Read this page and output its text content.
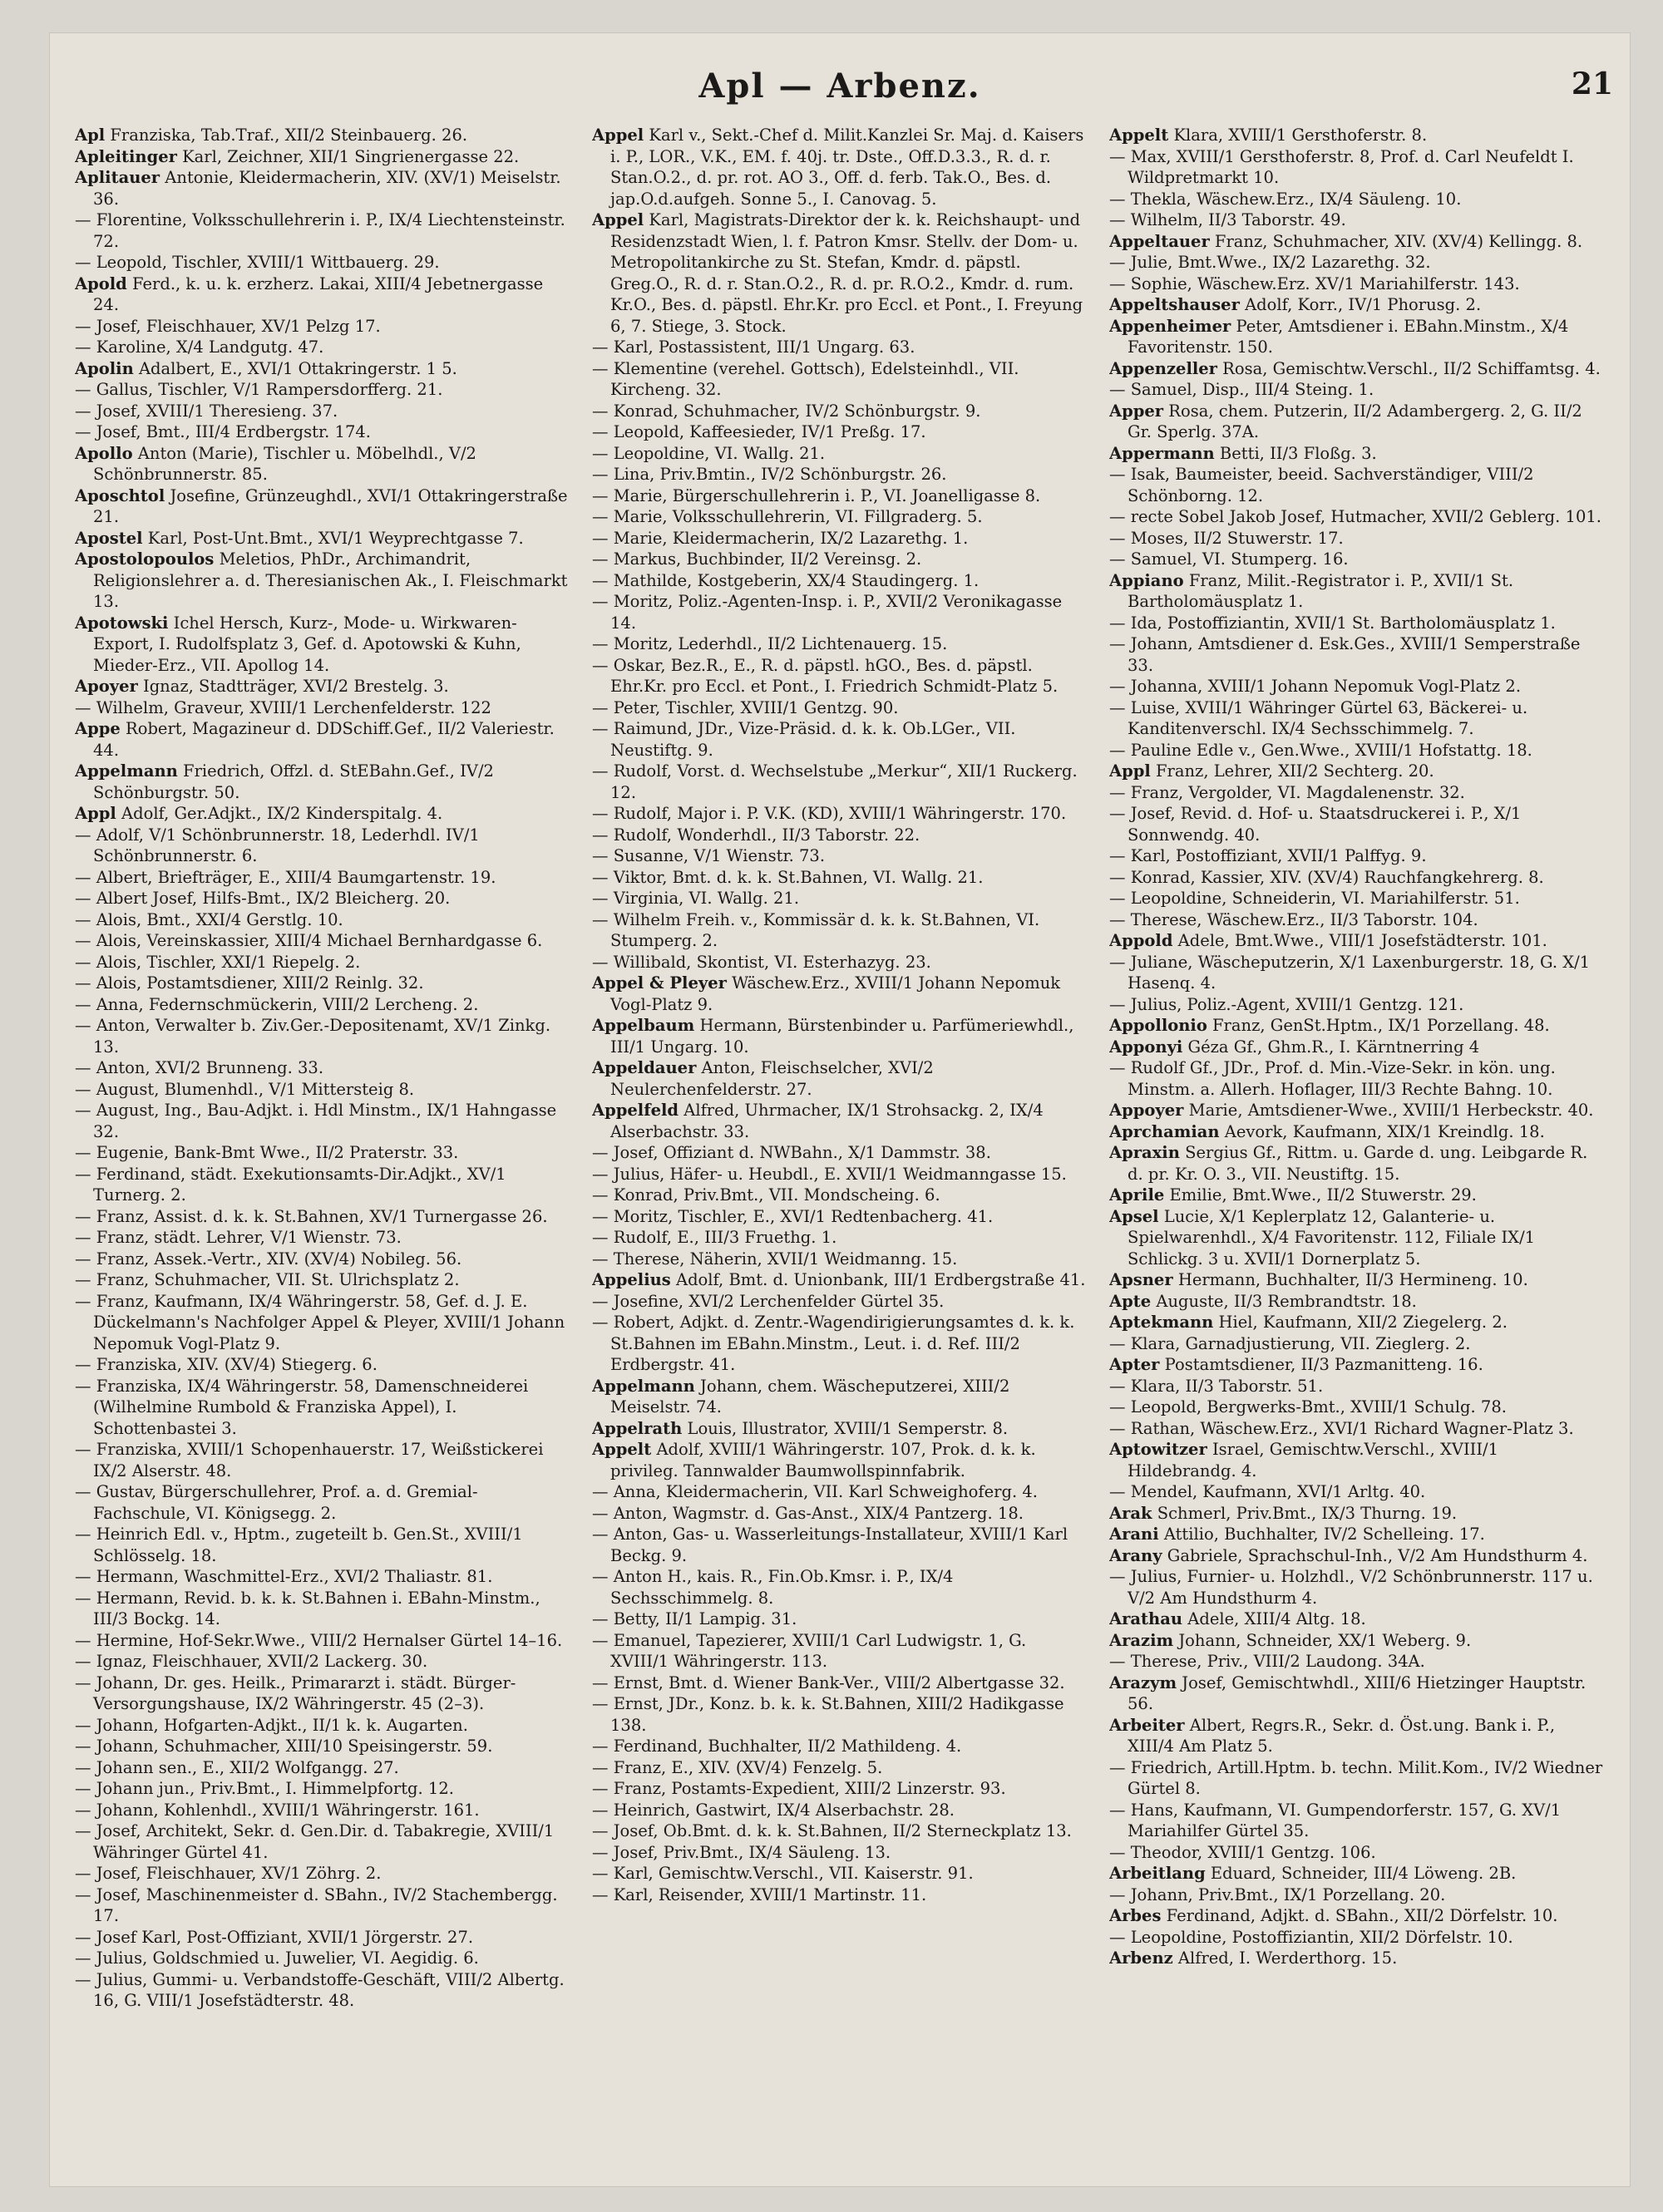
Apl — Arbenz.	21

Apl Franziska, Tab.Traf., XII/2 Steinbauerg. 26.

Apleitinger Karl, Zeichner, XII/1 Singrienergasse 22.

Aplitauer Antonie, Kleidermacherin, XIV. (XV/1) Meiselstr. 36.

— Florentine, Volksschullehrerin i. P., IX/4 Liechtensteinstr. 72.

— Leopold, Tischler, XVIII/1 Wittbauerg. 29.

Apold Ferd., k. u. k. erzherz. Lakai, XIII/4 Jebetnergasse 24.

— Josef, Fleischhauer, XV/1 Pelzg 17.

— Karoline, X/4 Landgutg. 47.

Apolin Adalbert, E., XVI/1 Ottakringerstr. 1 5.

— Gallus, Tischler, V/1 Rampersdorfferg. 21.

— Josef, XVIII/1 Theresieng. 37.

— Josef, Bmt., III/4 Erdbergstr. 174.

Apollo Anton (Marie), Tischler u. Möbelhdl., V/2 Schönbrunnerstr. 85.

Aposchtol Josefine, Grünzeughdl., XVI/1 Ottakringerstraße 21.

Apostel Karl, Post-Unt.Bmt., XVI/1 Weyprechtgasse 7.

Apostolopoulos Meletios, PhDr., Archimandrit, Religionslehrer a. d. Theresianischen Ak., I. Fleischmarkt 13.

Apotowski Ichel Hersch, Kurz-, Mode- u. Wirkwaren-Export, I. Rudolfsplatz 3, Gef. d. Apotowski & Kuhn, Mieder-Erz., VII. Apollog 14.

Apoyer Ignaz, Stadtträger, XVI/2 Brestelg. 3.

— Wilhelm, Graveur, XVIII/1 Lerchenfelderstr. 122

Appe Robert, Magazineur d. DDSchiff.Gef., II/2 Valeriestr. 44.

Appelmann Friedrich, Offzl. d. StEBahn.Gef., IV/2 Schönburgstr. 50.

Appl Adolf, Ger.Adjkt., IX/2 Kinderspitalg. 4.

— Adolf, V/1 Schönbrunnerstr. 18, Lederhdl. IV/1 Schönbrunnerstr. 6.

— Albert, Briefträger, E., XIII/4 Baumgartenstr. 19.

— Albert Josef, Hilfs-Bmt., IX/2 Bleicherg. 20.

— Alois, Bmt., XXI/4 Gerstlg. 10.

— Alois, Vereinskassier, XIII/4 Michael Bernhardgasse 6.

— Alois, Tischler, XXI/1 Riepelg. 2.

— Alois, Postamtsdiener, XIII/2 Reinlg. 32.

— Anna, Federnschmückerin, VIII/2 Lercheng. 2.

— Anton, Verwalter b. Ziv.Ger.-Depositenamt, XV/1 Zinkg. 13.

— Anton, XVI/2 Brunneng. 33.

— August, Blumenhdl., V/1 Mittersteig 8.

— August, Ing., Bau-Adjkt. i. Hdl Minstm., IX/1 Hahngasse 32.

— Eugenie, Bank-Bmt Wwe., II/2 Praterstr. 33.

— Ferdinand, städt. Exekutionsamts-Dir.Adjkt., XV/1 Turnerg. 2.

— Franz, Assist. d. k. k. St.Bahnen, XV/1 Turnergasse 26.

— Franz, städt. Lehrer, V/1 Wienstr. 73.

— Franz, Assek.-Vertr., XIV. (XV/4) Nobileg. 56.

— Franz, Schuhmacher, VII. St. Ulrichsplatz 2.

— Franz, Kaufmann, IX/4 Währingerstr. 58, Gef. d. J. E. Dückelmann's Nachfolger Appel & Pleyer, XVIII/1 Johann Nepomuk Vogl-Platz 9.

— Franziska, XIV. (XV/4) Stiegerg. 6.

— Franziska, IX/4 Währingerstr. 58, Damenschneiderei (Wilhelmine Rumbold & Franziska Appel), I. Schottenbastei 3.

— Franziska, XVIII/1 Schopenhauerstr. 17, Weißstickerei IX/2 Alserstr. 48.

— Gustav, Bürgerschullehrer, Prof. a. d. Gremial-Fachschule, VI. Königsegg. 2.

— Heinrich Edl. v., Hptm., zugeteilt b. Gen.St., XVIII/1 Schlösselg. 18.

— Hermann, Waschmittel-Erz., XVI/2 Thaliastr. 81.

— Hermann, Revid. b. k. k. St.Bahnen i. EBahn-Minstm., III/3 Bockg. 14.

— Hermine, Hof-Sekr.Wwe., VIII/2 Hernalser Gürtel 14–16.

— Ignaz, Fleischhauer, XVII/2 Lackerg. 30.

— Johann, Dr. ges. Heilk., Primararzt i. städt. Bürger-Versorgungshause, IX/2 Währingerstr. 45 (2–3).

— Johann, Hofgarten-Adjkt., II/1 k. k. Augarten.

— Johann, Schuhmacher, XIII/10 Speisingerstr. 59.

— Johann sen., E., XII/2 Wolfgangg. 27.

— Johann jun., Priv.Bmt., I. Himmelpfortg. 12.

— Johann, Kohlenhdl., XVIII/1 Währingerstr. 161.

— Josef, Architekt, Sekr. d. Gen.Dir. d. Tabakregie, XVIII/1 Währinger Gürtel 41.

— Josef, Fleischhauer, XV/1 Zöhrg. 2.

— Josef, Maschinenmeister d. SBahn., IV/2 Stachembergg. 17.

— Josef Karl, Post-Offiziant, XVII/1 Jörgerstr. 27.

— Julius, Goldschmied u. Juwelier, VI. Aegidig. 6.

— Julius, Gummi- u. Verbandstoffe-Geschäft, VIII/2 Albertg. 16, G. VIII/1 Josefstädterstr. 48.

Appel Karl v., Sekt.-Chef d. Milit.Kanzlei Sr. Maj. d. Kaisers i. P., LOR., V.K., EM. f. 40j. tr. Dste., Off.D.3.3., R. d. r. Stan.O.2., d. pr. rot. AO 3., Off. d. ferb. Tak.O., Bes. d. jap.O.d.aufgeh. Sonne 5., I. Canovag. 5.

Appel Karl, Magistrats-Direktor der k. k. Reichshaupt- und Residenzstadt Wien, l. f. Patron Kmsr. Stellv. der Dom- u. Metropolitankirche zu St. Stefan, Kmdr. d. päpstl. Greg.O., R. d. r. Stan.O.2., R. d. pr. R.O.2., Kmdr. d. rum. Kr.O., Bes. d. päpstl. Ehr.Kr. pro Eccl. et Pont., I. Freyung 6, 7. Stiege, 3. Stock.

— Karl, Postassistent, III/1 Ungarg. 63.

— Klementine (verehel. Gottsch), Edelsteinhdl., VII. Kircheng. 32.

— Konrad, Schuhmacher, IV/2 Schönburgstr. 9.

— Leopold, Kaffeesieder, IV/1 Preßg. 17.

— Leopoldine, VI. Wallg. 21.

— Lina, Priv.Bmtin., IV/2 Schönburgstr. 26.

— Marie, Bürgerschullehrerin i. P., VI. Joanelligasse 8.

— Marie, Volksschullehrerin, VI. Fillgraderg. 5.

— Marie, Kleidermacherin, IX/2 Lazarethg. 1.

— Markus, Buchbinder, II/2 Vereinsg. 2.

— Mathilde, Kostgeberin, XX/4 Staudingerg. 1.

— Moritz, Poliz.-Agenten-Insp. i. P., XVII/2 Veronikagasse 14.

— Moritz, Lederhdl., II/2 Lichtenauerg. 15.

— Oskar, Bez.R., E., R. d. päpstl. hGO., Bes. d. päpstl. Ehr.Kr. pro Eccl. et Pont., I. Friedrich Schmidt-Platz 5.

— Peter, Tischler, XVIII/1 Gentzg. 90.

— Raimund, JDr., Vize-Präsid. d. k. k. Ob.LGer., VII. Neustiftg. 9.

— Rudolf, Vorst. d. Wechselstube „Merkur“, XII/1 Ruckerg. 12.

— Rudolf, Major i. P. V.K. (KD), XVIII/1 Währingerstr. 170.

— Rudolf, Wonderhdl., II/3 Taborstr. 22.

— Susanne, V/1 Wienstr. 73.

— Viktor, Bmt. d. k. k. St.Bahnen, VI. Wallg. 21.

— Virginia, VI. Wallg. 21.

— Wilhelm Freih. v., Kommissär d. k. k. St.Bahnen, VI. Stumperg. 2.

— Willibald, Skontist, VI. Esterhazyg. 23.

Appel & Pleyer Wäschew.Erz., XVIII/1 Johann Nepomuk Vogl-Platz 9.

Appelbaum Hermann, Bürstenbinder u. Parfümeriewhdl., III/1 Ungarg. 10.

Appeldauer Anton, Fleischselcher, XVI/2 Neulerchenfelderstr. 27.

Appelfeld Alfred, Uhrmacher, IX/1 Strohsackg. 2, IX/4 Alserbachstr. 33.

— Josef, Offiziant d. NWBahn., X/1 Dammstr. 38.

— Julius, Häfer- u. Heubdl., E. XVII/1 Weidmanngasse 15.

— Konrad, Priv.Bmt., VII. Mondscheing. 6.

— Moritz, Tischler, E., XVI/1 Redtenbacherg. 41.

— Rudolf, E., III/3 Fruethg. 1.

— Therese, Näherin, XVII/1 Weidmanng. 15.

Appelius Adolf, Bmt. d. Unionbank, III/1 Erdbergstraße 41.

— Josefine, XVI/2 Lerchenfelder Gürtel 35.

— Robert, Adjkt. d. Zentr.-Wagendirigierungsamtes d. k. k. St.Bahnen im EBahn.Minstm., Leut. i. d. Ref. III/2 Erdbergstr. 41.

Appelmann Johann, chem. Wäscheputzerei, XIII/2 Meiselstr. 74.

Appelrath Louis, Illustrator, XVIII/1 Semperstr. 8.

Appelt Adolf, XVIII/1 Währingerstr. 107, Prok. d. k. k. privileg. Tannwalder Baumwollspinnfabrik.

— Anna, Kleidermacherin, VII. Karl Schweighoferg. 4.

— Anton, Wagmstr. d. Gas-Anst., XIX/4 Pantzerg. 18.

— Anton, Gas- u. Wasserleitungs-Installateur, XVIII/1 Karl Beckg. 9.

— Anton H., kais. R., Fin.Ob.Kmsr. i. P., IX/4 Sechsschimmelg. 8.

— Betty, II/1 Lampig. 31.

— Emanuel, Tapezierer, XVIII/1 Carl Ludwigstr. 1, G. XVIII/1 Währingerstr. 113.

— Ernst, Bmt. d. Wiener Bank-Ver., VIII/2 Albertgasse 32.

— Ernst, JDr., Konz. b. k. k. St.Bahnen, XIII/2 Hadikgasse 138.

— Ferdinand, Buchhalter, II/2 Mathildeng. 4.

— Franz, E., XIV. (XV/4) Fenzelg. 5.

— Franz, Postamts-Expedient, XIII/2 Linzerstr. 93.

— Heinrich, Gastwirt, IX/4 Alserbachstr. 28.

— Josef, Ob.Bmt. d. k. k. St.Bahnen, II/2 Sterneckplatz 13.

— Josef, Priv.Bmt., IX/4 Säuleng. 13.

— Karl, Gemischtw.Verschl., VII. Kaiserstr. 91.

— Karl, Reisender, XVIII/1 Martinstr. 11.

Appelt Klara, XVIII/1 Gersthoferstr. 8.

— Max, XVIII/1 Gersthoferstr. 8, Prof. d. Carl Neufeldt I. Wildpretmarkt 10.

— Thekla, Wäschew.Erz., IX/4 Säuleng. 10.

— Wilhelm, II/3 Taborstr. 49.

Appeltauer Franz, Schuhmacher, XIV. (XV/4) Kellingg. 8.

— Julie, Bmt.Wwe., IX/2 Lazarethg. 32.

— Sophie, Wäschew.Erz. XV/1 Mariahilferstr. 143.

Appeltshauser Adolf, Korr., IV/1 Phorusg. 2.

Appenheimer Peter, Amtsdiener i. EBahn.Minstm., X/4 Favoritenstr. 150.

Appenzeller Rosa, Gemischtw.Verschl., II/2 Schiffamtsg. 4.

— Samuel, Disp., III/4 Steing. 1.

Apper Rosa, chem. Putzerin, II/2 Adambergerg. 2, G. II/2 Gr. Sperlg. 37A.

Appermann Betti, II/3 Floßg. 3.

— Isak, Baumeister, beeid. Sachverständiger, VIII/2 Schönborng. 12.

— recte Sobel Jakob Josef, Hutmacher, XVII/2 Geblerg. 101.

— Moses, II/2 Stuwerstr. 17.

— Samuel, VI. Stumperg. 16.

Appiano Franz, Milit.-Registrator i. P., XVII/1 St. Bartholomäusplatz 1.

— Ida, Postoffiziantin, XVII/1 St. Bartholomäusplatz 1.

— Johann, Amtsdiener d. Esk.Ges., XVIII/1 Semperstraße 33.

— Johanna, XVIII/1 Johann Nepomuk Vogl-Platz 2.

— Luise, XVIII/1 Währinger Gürtel 63, Bäckerei- u. Kanditenverschl. IX/4 Sechsschimmelg. 7.

— Pauline Edle v., Gen.Wwe., XVIII/1 Hofstattg. 18.

Appl Franz, Lehrer, XII/2 Sechterg. 20.

— Franz, Vergolder, VI. Magdalenenstr. 32.

— Josef, Revid. d. Hof- u. Staatsdruckerei i. P., X/1 Sonnwendg. 40.

— Karl, Postoffiziant, XVII/1 Palffyg. 9.

— Konrad, Kassier, XIV. (XV/4) Rauchfangkehrerg. 8.

— Leopoldine, Schneiderin, VI. Mariahilferstr. 51.

— Therese, Wäschew.Erz., II/3 Taborstr. 104.

Appold Adele, Bmt.Wwe., VIII/1 Josefstädterstr. 101.

— Juliane, Wäscheputzerin, X/1 Laxenburgerstr. 18, G. X/1 Hasenq. 4.

— Julius, Poliz.-Agent, XVIII/1 Gentzg. 121.

Appollonio Franz, GenSt.Hptm., IX/1 Porzellang. 48.

Apponyi Géza Gf., Ghm.R., I. Kärntnerring 4

— Rudolf Gf., JDr., Prof. d. Min.-Vize-Sekr. in kön. ung. Minstm. a. Allerh. Hoflager, III/3 Rechte Bahng. 10.

Appoyer Marie, Amtsdiener-Wwe., XVIII/1 Herbeckstr. 40.

Aprchamian Aevork, Kaufmann, XIX/1 Kreindlg. 18.

Apraxin Sergius Gf., Rittm. u. Garde d. ung. Leibgarde R. d. pr. Kr. O. 3., VII. Neustiftg. 15.

Aprile Emilie, Bmt.Wwe., II/2 Stuwerstr. 29.

Apsel Lucie, X/1 Keplerplatz 12, Galanterie- u. Spielwarenhdl., X/4 Favoritenstr. 112, Filiale IX/1 Schlickg. 3 u. XVII/1 Dornerplatz 5.

Apsner Hermann, Buchhalter, II/3 Hermineng. 10.

Apte Auguste, II/3 Rembrandtstr. 18.

Aptekmann Hiel, Kaufmann, XII/2 Ziegelerg. 2.

— Klara, Garnadjustierung, VII. Zieglerg. 2.

Apter Postamtsdiener, II/3 Pazmanitteng. 16.

— Klara, II/3 Taborstr. 51.

— Leopold, Bergwerks-Bmt., XVIII/1 Schulg. 78.

— Rathan, Wäschew.Erz., XVI/1 Richard Wagner-Platz 3.

Aptowitzer Israel, Gemischtw.Verschl., XVIII/1 Hildebrandg. 4.

— Mendel, Kaufmann, XVI/1 Arltg. 40.

Arak Schmerl, Priv.Bmt., IX/3 Thurng. 19.

Arani Attilio, Buchhalter, IV/2 Schelleing. 17.

Arany Gabriele, Sprachschul-Inh., V/2 Am Hundsthurm 4.

— Julius, Furnier- u. Holzhdl., V/2 Schönbrunnerstr. 117 u. V/2 Am Hundsthurm 4.

Arathau Adele, XIII/4 Altg. 18.

Arazim Johann, Schneider, XX/1 Weberg. 9.

— Therese, Priv., VIII/2 Laudong. 34A.

Arazym Josef, Gemischtwhdl., XIII/6 Hietzinger Hauptstr. 56.

Arbeiter Albert, Regrs.R., Sekr. d. Öst.ung. Bank i. P., XIII/4 Am Platz 5.

— Friedrich, Artill.Hptm. b. techn. Milit.Kom., IV/2 Wiedner Gürtel 8.

— Hans, Kaufmann, VI. Gumpendorferstr. 157, G. XV/1 Mariahilfer Gürtel 35.

— Theodor, XVIII/1 Gentzg. 106.

Arbeitlang Eduard, Schneider, III/4 Löweng. 2B.

— Johann, Priv.Bmt., IX/1 Porzellang. 20.

Arbes Ferdinand, Adjkt. d. SBahn., XII/2 Dörfelstr. 10.

— Leopoldine, Postoffiziantin, XII/2 Dörfelstr. 10.

Arbenz Alfred, I. Werderthorg. 15.
